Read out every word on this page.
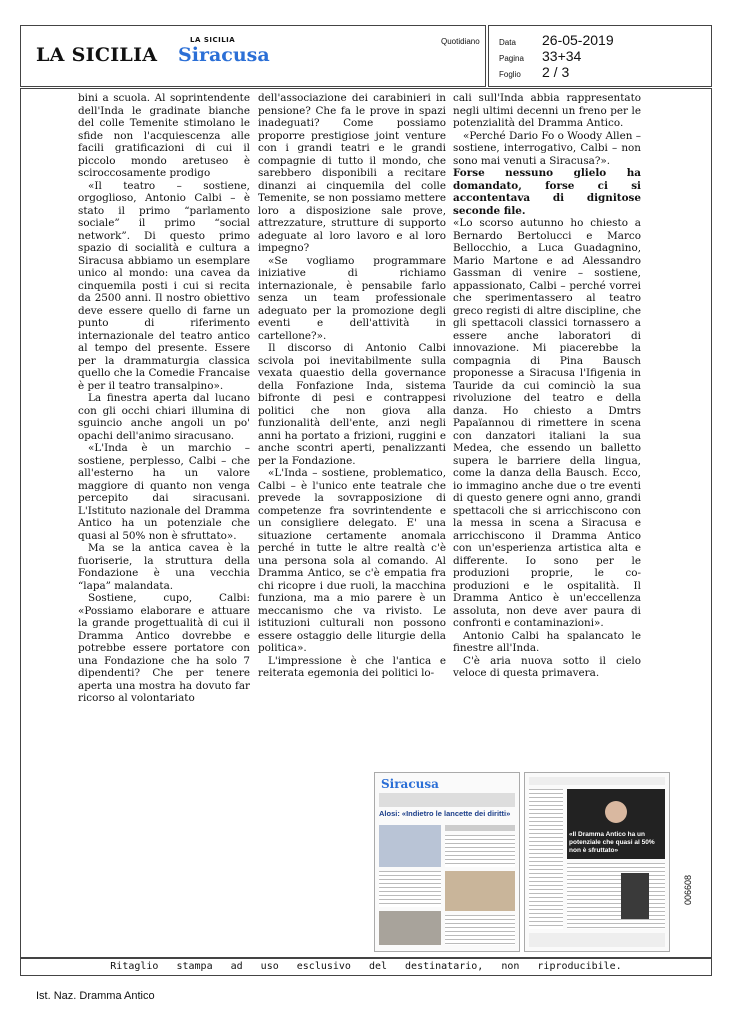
LA SICILIA
LA SICILIA Siracusa
Quotidiano Data 26-05-2019
Pagina 33+34
Foglio 2 / 3

bini a scuola. Al soprintendente dell'Inda le gradinate bianche del colle Temenite stimolano le sfide non l'acquiescenza alle facili gratificazioni di cui il piccolo mondo aretuseo è sciroccosamente prodigo

«Il teatro – sostiene, orgoglioso, Antonio Calbi – è stato il primo “parlamento sociale” il primo “social network”. Di questo primo spazio di socialità e cultura a Siracusa abbiamo un esemplare unico al mondo: una cavea da cinquemila posti i cui si recita da 2500 anni. Il nostro obiettivo deve essere quello di farne un punto di riferimento internazionale del teatro antico al tempo del presente. Essere per la drammaturgia classica quello che la Comedie Francaise è per il teatro transalpino».

La finestra aperta dal lucano con gli occhi chiari illumina di sguincio anche angoli un po' opachi dell'animo siracusano.

«L'Inda è un marchio – sostiene, perplesso, Calbi – che all'esterno ha un valore maggiore di quanto non venga percepito dai siracusani. L'Istituto nazionale del Dramma Antico ha un potenziale che quasi al 50% non è sfruttato».

Ma se la antica cavea è la fuoriserie, la struttura della Fondazione è una vecchia “lapa” malandata.

Sostiene, cupo, Calbi: «Possiamo elaborare e attuare la grande progettualità di cui il Dramma Antico dovrebbe e potrebbe essere portatore con una Fondazione che ha solo 7 dipendenti? Che per tenere aperta una mostra ha dovuto far ricorso al volontariato

dell'associazione dei carabinieri in pensione? Che fa le prove in spazi inadeguati? Come possiamo proporre prestigiose joint venture con i grandi teatri e le grandi compagnie di tutto il mondo, che sarebbero disponibili a recitare dinanzi ai cinquemila del colle Temenite, se non possiamo mettere loro a disposizione sale prove, attrezzature, strutture di supporto adeguate al loro lavoro e al loro impegno?

«Se vogliamo programmare iniziative di richiamo internazionale, è pensabile farlo senza un team professionale adeguato per la promozione degli eventi e dell'attività in cartellone?».

Il discorso di Antonio Calbi scivola poi inevitabilmente sulla vexata quaestio della governance della Fonfazione Inda, sistema bifronte di pesi e contrappesi politici che non giova alla funzionalità dell'ente, anzi negli anni ha portato a frizioni, ruggini e anche scontri aperti, penalizzanti per la Fondazione.

«L'Inda – sostiene, problematico, Calbi – è l'unico ente teatrale che prevede la sovrapposizione di competenze fra sovrintendente e un consigliere delegato. E' una situazione certamente anomala perché in tutte le altre realtà c'è una persona sola al comando. Al Dramma Antico, se c'è empatia fra chi ricopre i due ruoli, la macchina funziona, ma a mio parere è un meccanismo che va rivisto. Le istituzioni culturali non possono essere ostaggio delle liturgie della politica».

L'impressione è che l'antica e reiterata egemonia dei politici lo-

cali sull'Inda abbia rappresentato negli ultimi decenni un freno per le potenzialità del Dramma Antico.

«Perché Dario Fo o Woody Allen – sostiene, interrogativo, Calbi – non sono mai venuti a Siracusa?».

Forse nessuno glielo ha domandato, forse ci si accontentava di dignitose seconde file.

«Lo scorso autunno ho chiesto a Bernardo Bertolucci e Marco Bellocchio, a Luca Guadagnino, Mario Martone e ad Alessandro Gassman di venire – sostiene, appassionato, Calbi – perché vorrei che sperimentassero al teatro greco registi di altre discipline, che gli spettacoli classici tornassero a essere anche laboratori di innovazione. Mi piacerebbe la compagnia di Pina Bausch proponesse a Siracusa l'Ifigenia in Tauride da cui cominciò la sua rivoluzione del teatro e della danza. Ho chiesto a Dmtrs Papaïannou di rimettere in scena con danzatori italiani la sua Medea, che essendo un balletto supera le barriere della lingua, come la danza della Bausch. Ecco, io immagino anche due o tre eventi di questo genere ogni anno, grandi spettacoli che si arricchiscono con la messa in scena a Siracusa e arricchiscono il Dramma Antico con un'esperienza artistica alta e differente. Io sono per le produzioni proprie, le co-produzioni e le ospitalità. Il Dramma Antico è un'eccellenza assoluta, non deve aver paura di confronti e contaminazioni».

Antonio Calbi ha spalancato le finestre all'Inda.

C'è aria nuova sotto il cielo veloce di questa primavera.

Siracusa
Alosi: «Indietro le lancette dei diritti»
«Il Dramma Antico ha un potenziale che quasi al 50% non è sfruttato»
006608
Ritaglio stampa ad uso esclusivo del destinatario, non riproducibile.
Ist. Naz. Dramma Antico
